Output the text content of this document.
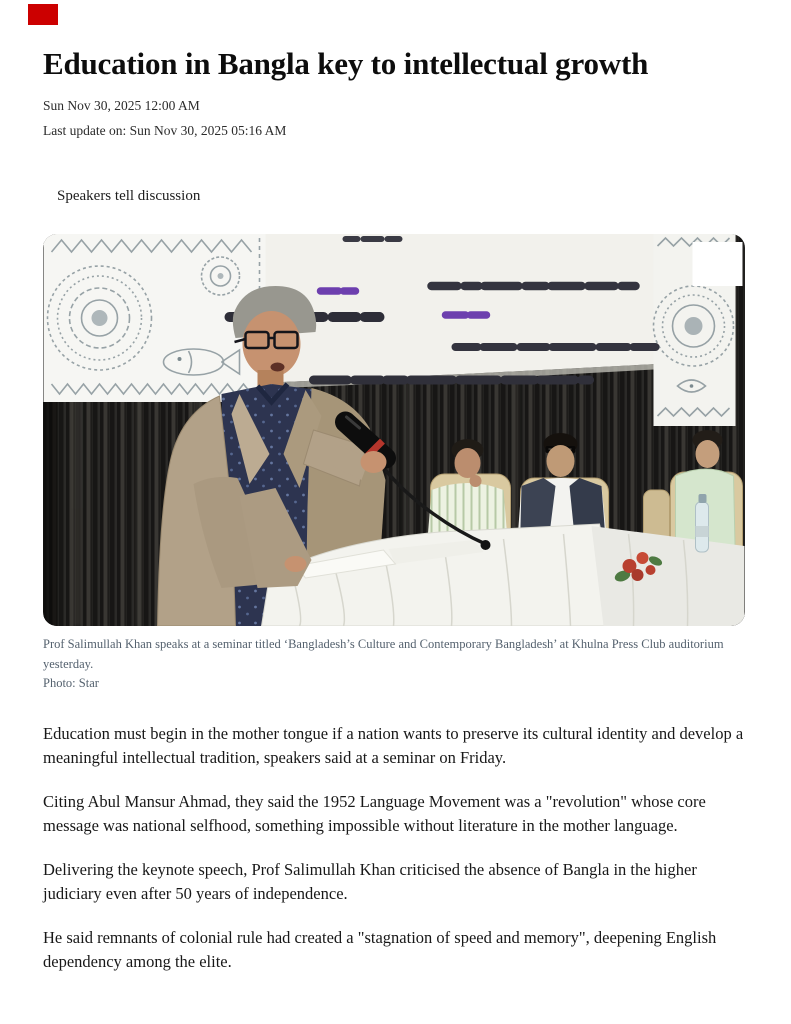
Education in Bangla key to intellectual growth
Sun Nov 30, 2025 12:00 AM
Last update on: Sun Nov 30, 2025 05:16 AM
Speakers tell discussion
Prof Salimullah Khan speaks at a seminar titled ‘Bangladesh’s Culture and Contemporary Bangladesh’ at Khulna Press Club auditorium yesterday.
Photo: Star

Education must begin in the mother tongue if a nation wants to preserve its cultural identity and develop a meaningful intellectual tradition, speakers said at a seminar on Friday.

Citing Abul Mansur Ahmad, they said the 1952 Language Movement was a "revolution" whose core message was national selfhood, something impossible without literature in the mother language.

Delivering the keynote speech, Prof Salimullah Khan criticised the absence of Bangla in the higher judiciary even after 50 years of independence.

He said remnants of colonial rule had created a "stagnation of speed and memory", deepening English dependency among the elite.
